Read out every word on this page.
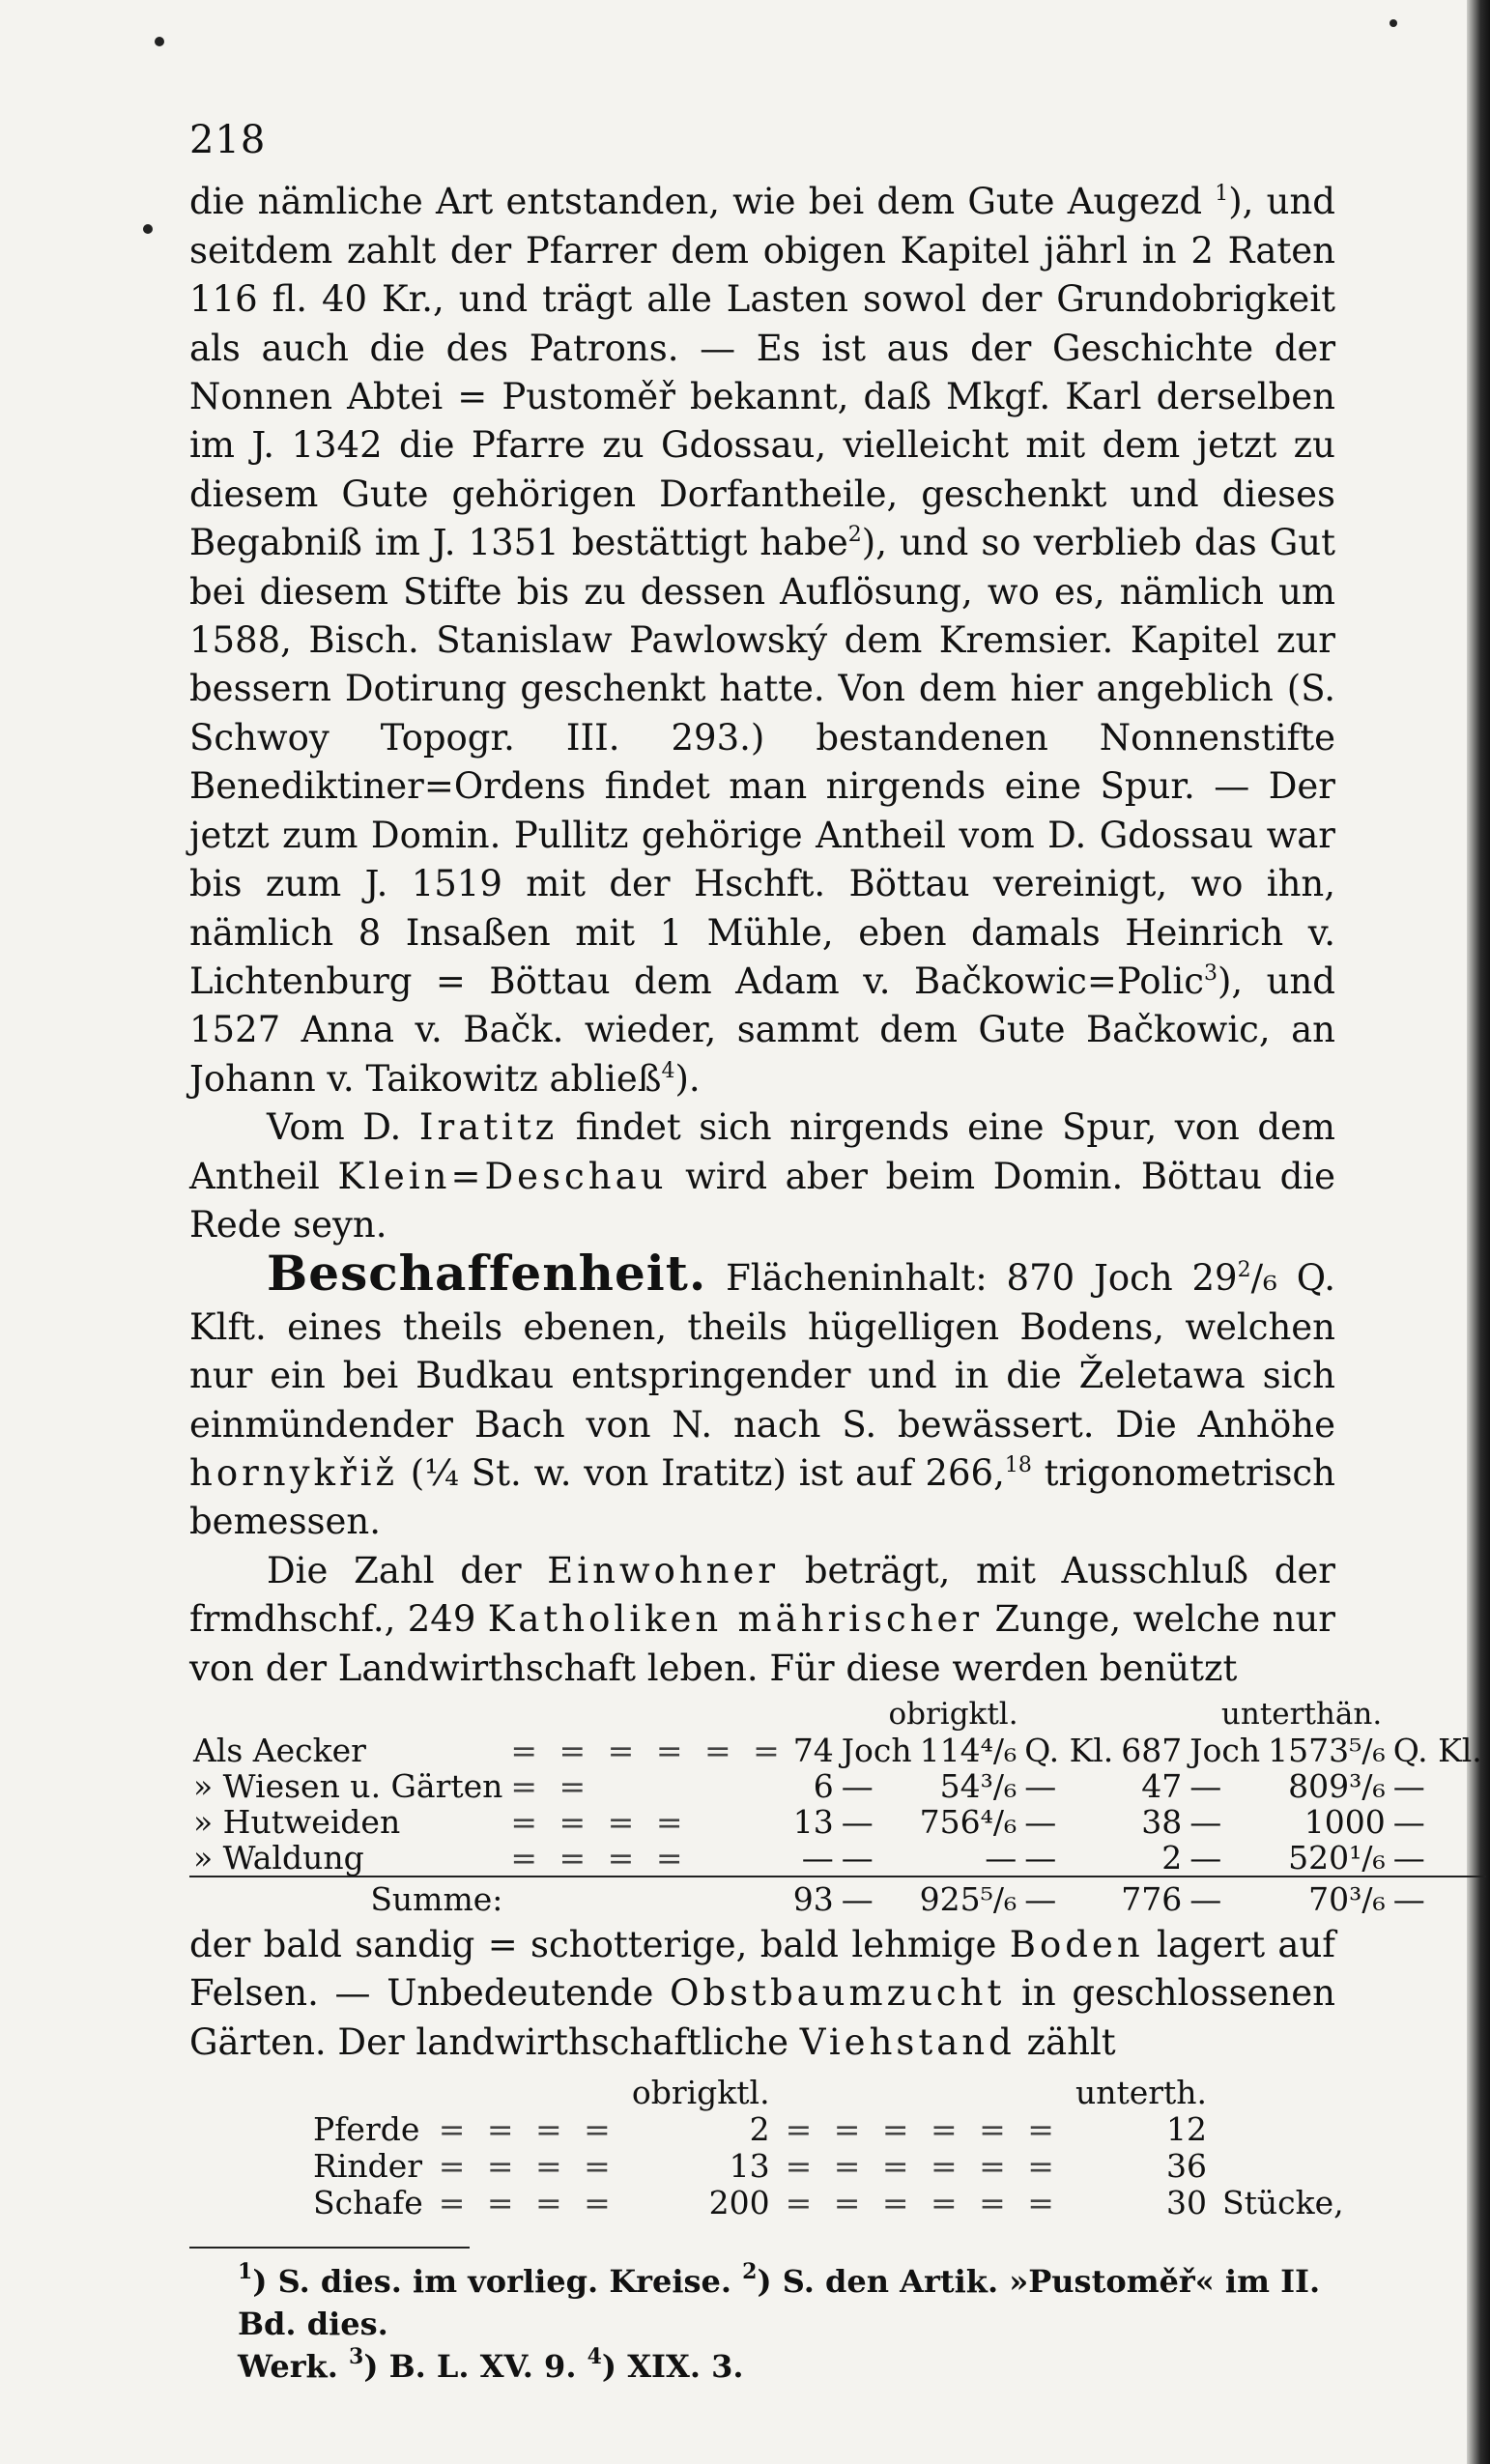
218

die nämliche Art entstanden, wie bei dem Gute Augezd $^1$), und seitdem zahlt der Pfarrer dem obigen Kapitel jährl in 2 Raten 116 fl. 40 Kr., und trägt alle Lasten sowol der Grundobrigkeit als auch die des Patrons. — Es ist aus der Geschichte der Nonnen Abtei = Pustoměř bekannt, daß Mkgf. Karl derselben im J. 1342 die Pfarre zu Gdossau, vielleicht mit dem jetzt zu diesem Gute gehörigen Dorfantheile, geschenkt und dieses Begabniß im J. 1351 bestättigt habe$^2$), und so verblieb das Gut bei diesem Stifte bis zu dessen Auflösung, wo es, nämlich um 1588, Bisch. Stanislaw Pawlowský dem Kremsier. Kapitel zur bessern Dotirung geschenkt hatte. Von dem hier angeblich (S. Schwoy Topogr. III. 293.) bestandenen Nonnenstifte Benediktiner=Ordens findet man nirgends eine Spur. — Der jetzt zum Domin. Pullitz gehörige Antheil vom D. Gdossau war bis zum J. 1519 mit der Hschft. Böttau vereinigt, wo ihn, nämlich 8 Insaßen mit 1 Mühle, eben damals Heinrich v. Lichtenburg = Böttau dem Adam v. Bačkowic=Polic$^3$), und 1527 Anna v. Bačk. wieder, sammt dem Gute Bačkowic, an Johann v. Taikowitz abließ$^4$).

Vom D. Iratitz findet sich nirgends eine Spur, von dem Antheil Klein=Deschau wird aber beim Domin. Böttau die Rede seyn.

Beschaffenheit. Flächeninhalt: 870 Joch $29^2/_6$ Q. Klft. eines theils ebenen, theils hügelligen Bodens, welchen nur ein bei Budkau entspringender und in die Želetawa sich einmündender Bach von N. nach S. bewässert. Die Anhöhe hornykřiž (¼ St. w. von Iratitz) ist auf 266,18 trigonometrisch bemessen.

Die Zahl der Einwohner beträgt, mit Ausschluß der frmdhschf., 249 Katholiken mährischer Zunge, welche nur von der Landwirthschaft leben. Für diese werden benützt

		obrigktl.				unterthän.			
Als Aecker	= = = = = =	74	Joch	114⁴/₆	Q. Kl.	687	Joch	1573⁵/₆	Q. Kl.
» Wiesen u. Gärten	= =	6	—	54³/₆	—	47	—	809³/₆	—
» Hutweiden	= = = =	13	—	756⁴/₆	—	38	—	1000	—
» Waldung	= = = =	—	—	—	—	2	—	520¹/₆	—
Summe:		93	—	925⁵/₆	—	776	—	70³/₆	—

der bald sandig = schotterige, bald lehmige Boden lagert auf Felsen. — Unbedeutende Obstbaumzucht in geschlossenen Gärten. Der landwirthschaftliche Viehstand zählt

		obrigktl.		unterth.	
Pferde	= = = =	2	= = = = = =	12	
Rinder	= = = =	13	= = = = = =	36	
Schafe	= = = =	200	= = = = = =	30	Stücke,

$^1$) S. dies. im vorlieg. Kreise. $^2$) S. den Artik. »Pustoměř« im II. Bd. dies.

Werk. $^3$) B. L. XV. 9. $^4$) XIX. 3.
